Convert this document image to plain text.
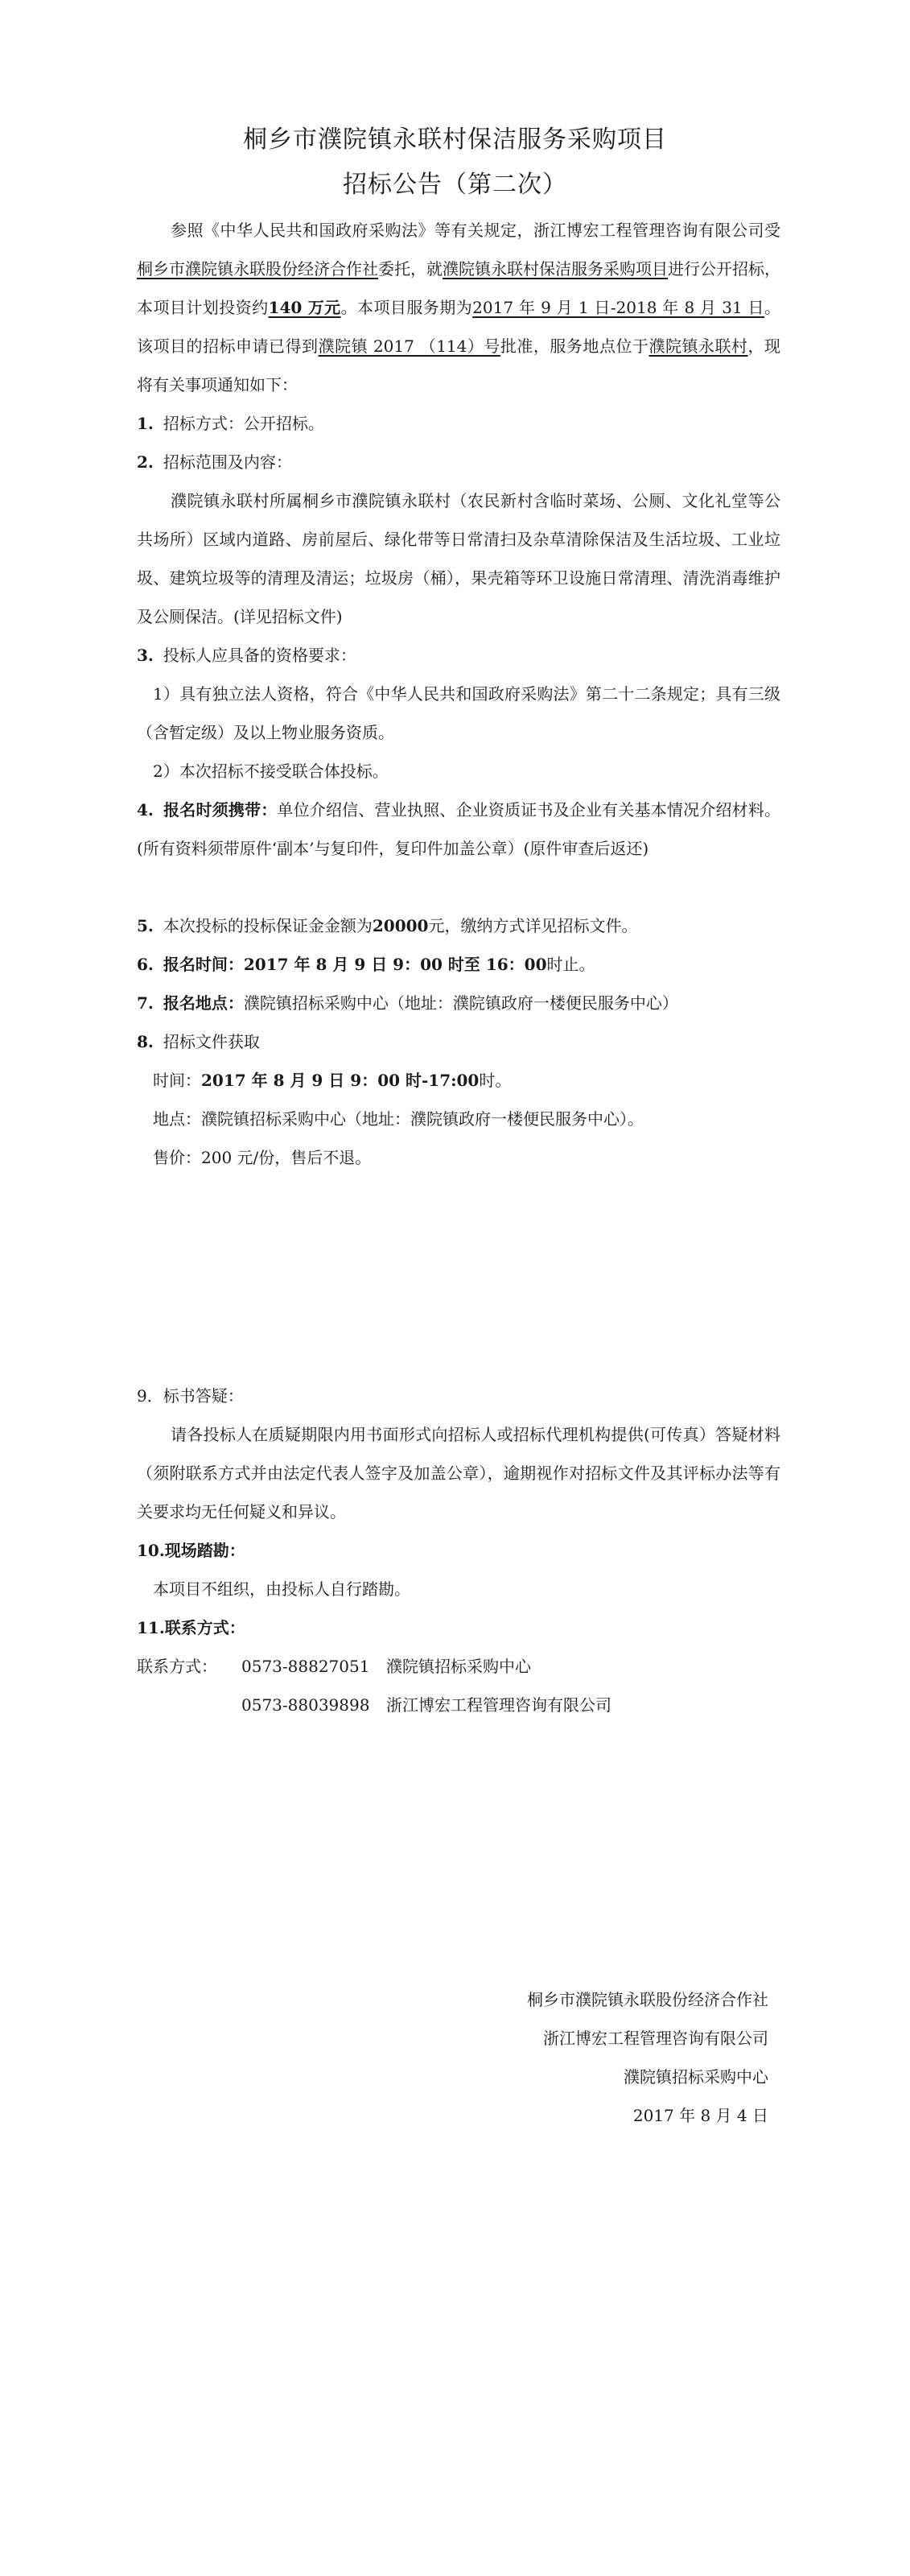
桐乡市濮院镇永联村保洁服务采购项目
招标公告（第二次）

参照《中华人民共和国政府采购法》等有关规定，浙江博宏工程管理咨询有限公司受桐乡市濮院镇永联股份经济合作社委托，就濮院镇永联村保洁服务采购项目进行公开招标，本项目计划投资约140 万元。本项目服务期为2017 年 9 月 1 日-2018 年 8 月 31 日。该项目的招标申请已得到濮院镇 2017 （114）号批准，服务地点位于濮院镇永联村，现将有关事项通知如下：

1. 招标方式：公开招标。

2. 招标范围及内容：

濮院镇永联村所属桐乡市濮院镇永联村（农民新村含临时菜场、公厕、文化礼堂等公共场所）区域内道路、房前屋后、绿化带等日常清扫及杂草清除保洁及生活垃圾、工业垃圾、建筑垃圾等的清理及清运；垃圾房（桶），果壳箱等环卫设施日常清理、清洗消毒维护及公厕保洁。(详见招标文件)

3. 投标人应具备的资格要求：

1）具有独立法人资格，符合《中华人民共和国政府采购法》第二十二条规定；具有三级（含暂定级）及以上物业服务资质。

2）本次招标不接受联合体投标。

4. 报名时须携带：单位介绍信、营业执照、企业资质证书及企业有关基本情况介绍材料。(所有资料须带原件‘副本’与复印件，复印件加盖公章）(原件审查后返还)

5. 本次投标的投标保证金金额为20000元，缴纳方式详见招标文件。

6. 报名时间：2017 年 8 月 9 日 9：00 时至 16：00时止。

7. 报名地点：濮院镇招标采购中心（地址：濮院镇政府一楼便民服务中心）

8. 招标文件获取

时间：2017 年 8 月 9 日 9：00 时-17:00时。

地点：濮院镇招标采购中心（地址：濮院镇政府一楼便民服务中心）。

售价：200 元/份，售后不退。

9．标书答疑：

请各投标人在质疑期限内用书面形式向招标人或招标代理机构提供(可传真）答疑材料（须附联系方式并由法定代表人签字及加盖公章），逾期视作对招标文件及其评标办法等有关要求均无任何疑义和异议。

10.现场踏勘：

本项目不组织，由投标人自行踏勘。

11.联系方式：

联系方式： 0573-88827051 濮院镇招标采购中心

0573-88039898 浙江博宏工程管理咨询有限公司

桐乡市濮院镇永联股份经济合作社

浙江博宏工程管理咨询有限公司

濮院镇招标采购中心

2017 年 8 月 4 日
